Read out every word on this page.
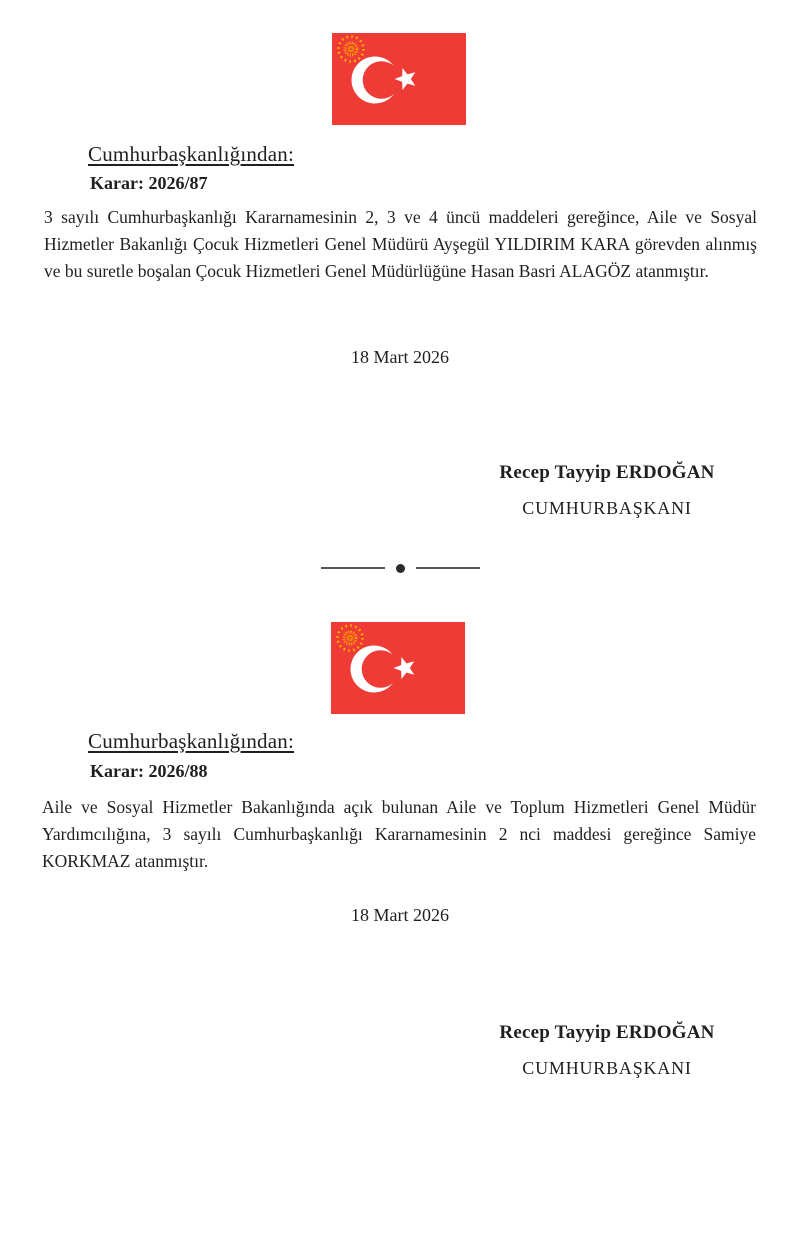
Cumhurbaşkanlığından:

Karar: 2026/87

3 sayılı Cumhurbaşkanlığı Kararnamesinin 2, 3 ve 4 üncü maddeleri gereğince, Aile ve Sosyal Hizmetler Bakanlığı Çocuk Hizmetleri Genel Müdürü Ayşegül YILDIRIM KARA görevden alınmış ve bu suretle boşalan Çocuk Hizmetleri Genel Müdürlüğüne Hasan Basri ALAGÖZ atanmıştır.

18 Mart 2026

Recep Tayyip ERDOĞAN

CUMHURBAŞKANI

Cumhurbaşkanlığından:

Karar: 2026/88

Aile ve Sosyal Hizmetler Bakanlığında açık bulunan Aile ve Toplum Hizmetleri Genel Müdür Yardımcılığına, 3 sayılı Cumhurbaşkanlığı Kararnamesinin 2 nci maddesi gereğince Samiye KORKMAZ atanmıştır.

18 Mart 2026

Recep Tayyip ERDOĞAN

CUMHURBAŞKANI
